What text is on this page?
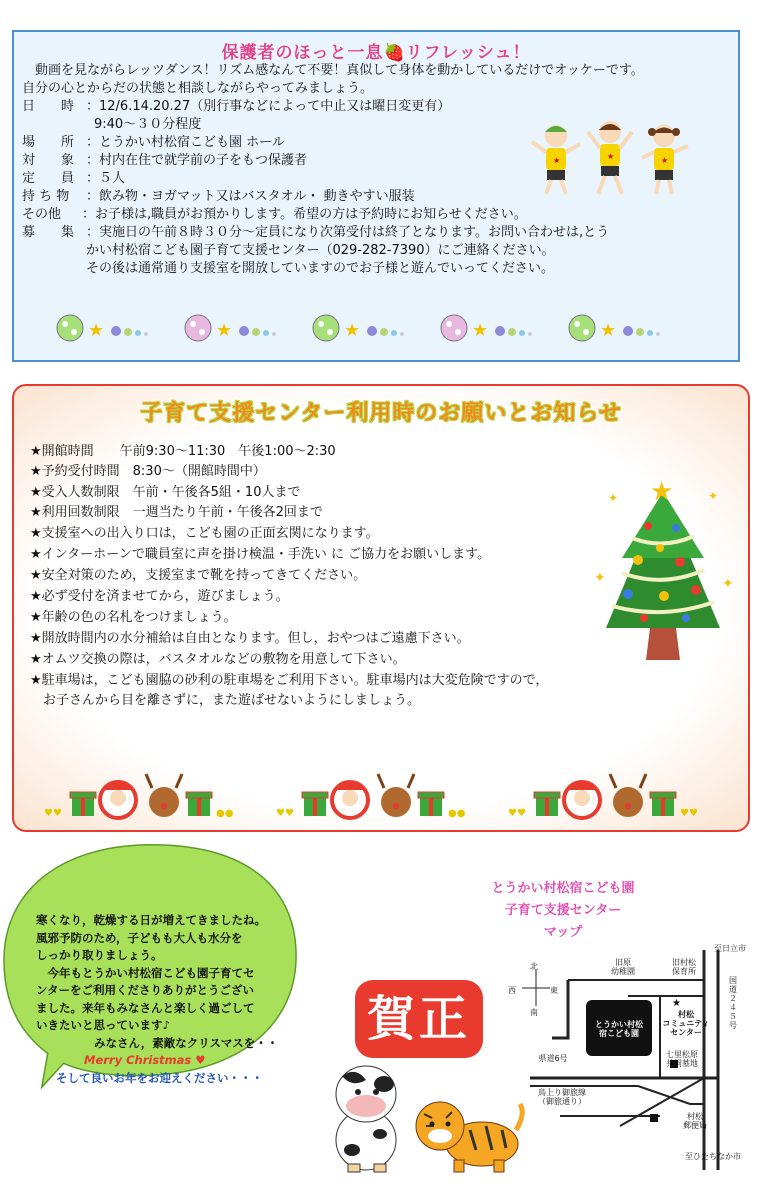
保護者のほっと一息🍓リフレッシュ！
　動画を見ながらレッツダンス！リズム感なんて不要！真似して身体を動かしているだけでオッケーです。
自分の心とからだの状態と相談しながらやってみましょう。
日　　時 ：12/6.14.20.27（別行事などによって中止又は曜日変更有）
9:40～３０分程度
場　　所 ：とうかい村松宿こども園 ホール
対　　象 ：村内在住で就学前の子をもつ保護者
定　　員 ：５人
持 ち 物 ：飲み物・ヨガマット又はバスタオル・ 動きやすい服装
その他 ：お子様は,職員がお預かりします。希望の方は予約時にお知らせください。
募　　集 ：実施日の午前８時３０分～定員になり次第受付は終了となります。お問い合わせは,とう
かい村松宿こども園子育て支援センター（029-282-7390）にご連絡ください。
その後は通常通り支援室を開放していますのでお子様と遊んでいってください。
★	★	★
★	★	★	★	★
子育て支援センター利用時のお願いとお知らせ
★開館時間　　午前9:30～11:30　午後1:00～2:30
★予約受付時間　8:30～（開館時間中）
★受入人数制限　午前・午後各5組・10人まで
★利用回数制限　一週当たり午前・午後各2回まで
★支援室への出入り口は，こども園の正面玄関になります。
★インターホーンで職員室に声を掛け検温・手洗い に ご協力をお願いします。
★安全対策のため，支援室まで靴を持ってきてください。
★必ず受付を済ませてから，遊びましょう。
★年齢の色の名札をつけましょう。
★開放時間内の水分補給は自由となります。但し，おやつはご遠慮下さい。
★オムツ交換の際は，バスタオルなどの敷物を用意して下さい。
★駐車場は，こども園脇の砂利の駐車場をご利用下さい。駐車場内は大変危険ですので，
　お子さんから目を離さずに，また遊ばせないようにしましょう。
★
✦	✦
✦	✦
♥♥	●●	♥♥	●●	♥♥	♥♥
寒くなり，乾燥する日が増えてきましたね。
風邪予防のため，子どもも大人も水分を
しっかり取りましょう。
　今年もとうかい村松宿こども園子育てセ
ンターをご利用くださりありがとうござい
ました。来年もみなさんと楽しく過ごして
いきたいと思っています♪
みなさん，素敵なクリスマスを・・
Merry Christmas ♥
そして良いお年をお迎えください・・・
賀正
とうかい村松宿こども園
子育て支援センター
マップ
★
北
南
東
西
旧原
幼稚園
旧村松
保育所
至日立市
国道
２
４
５
号
とうかい村松
宿こども園
村松
コミュニティ
センター
県道6号	七里松原
共同墓地
鳥上り御旅線
（御旅通り）
村松
郵便局
至ひたちなか市
